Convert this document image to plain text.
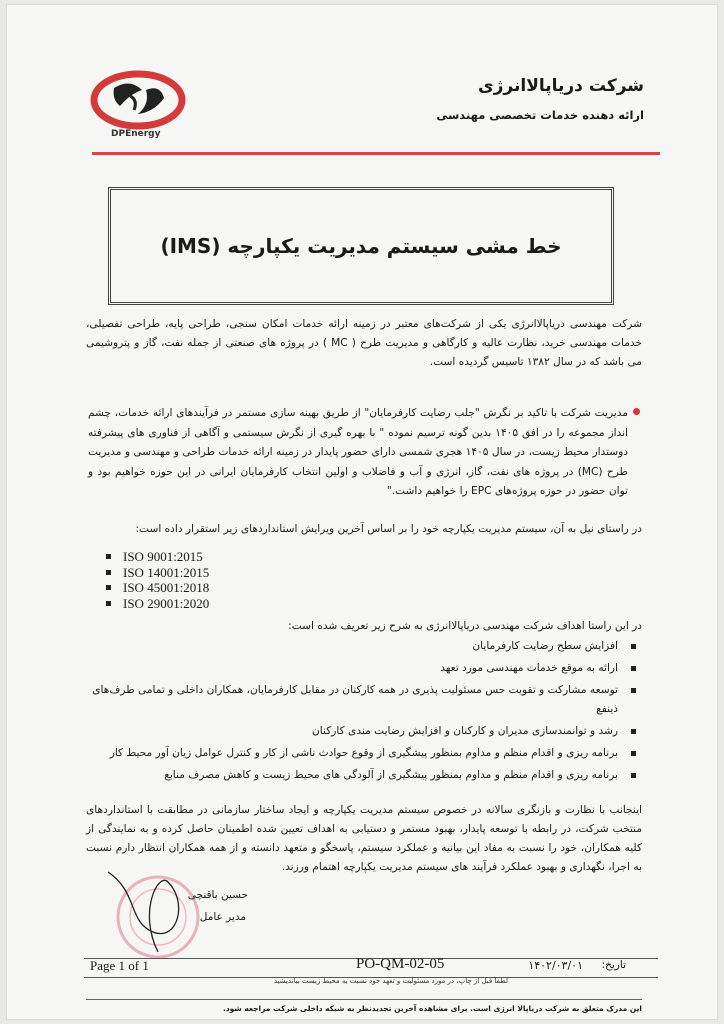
DPEnergy
شرکت دریاپالاانرژی
ارائه دهنده خدمات تخصصی مهندسی
خط مشی سیستم مدیریت یکپارچه (IMS)
شرکت مهندسی دریاپالاانرژی یکی از شرکت‌های معتبر در زمینه ارائه خدمات امکان سنجی، طراحی پایه، طراحی تفصیلی، خدمات مهندسی خرید، نظارت عالیه و کارگاهی و مدیریت طرح ( MC ) در پروژه های صنعتی از جمله نفت، گاز و پتروشیمی می باشد که در سال ۱۳۸۲ تاسیس گردیده است.
مدیریت شرکت با تاکید بر نگرش "جلب رضایت کارفرمایان" از طریق بهینه سازی مستمر در فرآیندهای ارائه خدمات، چشم انداز مجموعه را در افق ۱۴۰۵ بدین گونه ترسیم نموده " با بهره گیری از نگرش سیستمی و آگاهی از فناوری های پیشرفته دوستدار محیط زیست، در سال ۱۴۰۵ هجری شمسی دارای حضور پایدار در زمینه ارائه خدمات طراحی و مهندسی و مدیریت طرح (MC) در پروژه های نفت، گاز، انرژی و آب و فاضلاب و اولین انتخاب کارفرمایان ایرانی در این حوزه خواهیم بود و توان حضور در حوزه پروژه‌های EPC را خواهیم داشت."
در راستای نیل به آن، سیستم مدیریت یکپارچه خود را بر اساس آخرین ویرایش استانداردهای زیر استقرار داده است:
ISO 9001:2015
ISO 14001:2015
ISO 45001:2018
ISO 29001:2020
در این راستا اهداف شرکت مهندسی دریاپالاانرژی به شرح زیر تعریف شده است:
افزایش سطح رضایت کارفرمایان
ارائه به موقع خدمات مهندسی مورد تعهد
توسعه مشارکت و تقویت حس مسئولیت پذیری در همه کارکنان در مقابل کارفرمایان، همکاران داخلی و تمامی طرف‌های ذینفع
رشد و توانمندسازی مدیران و کارکنان و افزایش رضایت مندی کارکنان
برنامه ریزی و اقدام منظم و مداوم بمنظور پیشگیری از وقوع حوادث ناشی از کار و کنترل عوامل زیان آور محیط کار
برنامه ریزی و اقدام منظم و مداوم بمنظور پیشگیری از آلودگی های محیط زیست و کاهش مصرف منابع
اینجانب با نظارت و بازنگری سالانه در خصوص سیستم مدیریت یکپارچه و ایجاد ساختار سازمانی در مطابقت با استانداردهای منتخب شرکت، در رابطه با توسعه پایدار، بهبود مستمر و دستیابی به اهداف تعیین شده اطمینان حاصل کرده و به نمایندگی از کلیه همکاران، خود را نسبت به مفاد این بیانیه و عملکرد سیستم، پاسخگو و متعهد دانسته و از همه همکاران انتظار دارم نسبت به اجرا، نگهداری و بهبود عملکرد فرآیند های سیستم مدیریت یکپارچه اهتمام ورزند.
حسین باقنچی
مدیر عامل
Page 1 of 1	PO-QM-02-05	تاریخ:
۱۴۰۲/۰۳/۰۱
لطفا قبل از چاپ، در مورد مسئولیت و تعهد خود نسبت به محیط زیست بیاندیشید
این مدرک متعلق به شرکت دریاپالا انرژی است. برای مشاهده آخرین تجدیدنظر به شبکه داخلی شرکت مراجعه شود.
